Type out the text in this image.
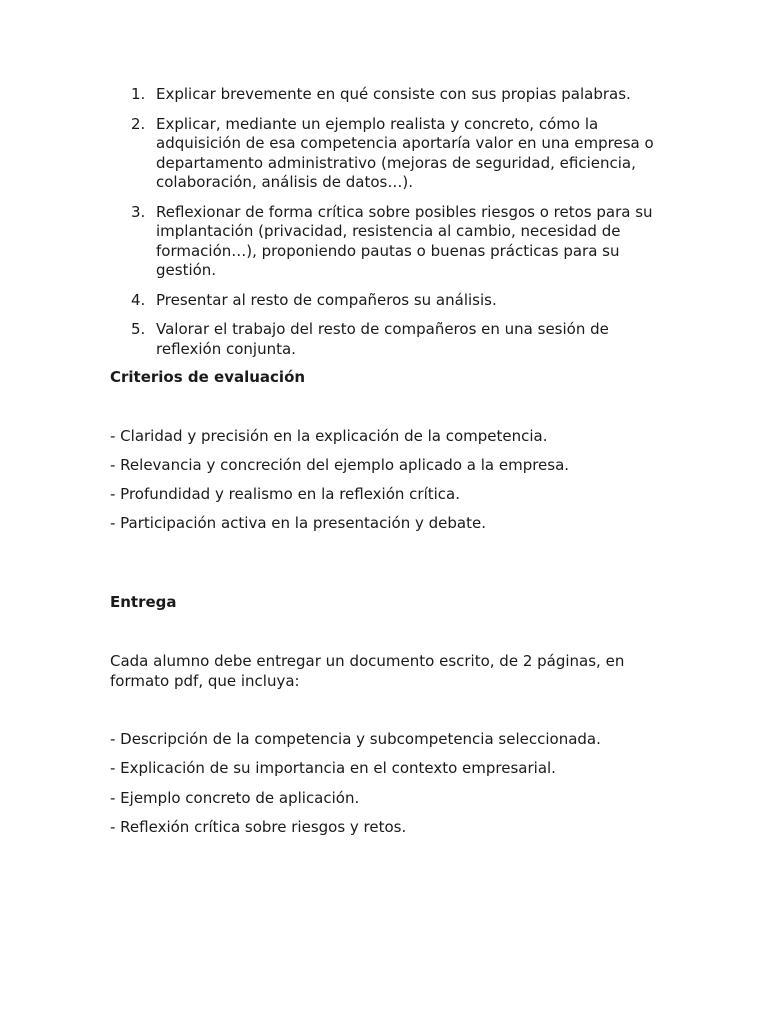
1. Explicar brevemente en qué consiste con sus propias palabras.
2. Explicar, mediante un ejemplo realista y concreto, cómo la adquisición de esa competencia aportaría valor en una empresa o departamento administrativo (mejoras de seguridad, eficiencia, colaboración, análisis de datos…).
3. Reflexionar de forma crítica sobre posibles riesgos o retos para su implantación (privacidad, resistencia al cambio, necesidad de formación…), proponiendo pautas o buenas prácticas para su gestión.
4. Presentar al resto de compañeros su análisis.
5. Valorar el trabajo del resto de compañeros en una sesión de reflexión conjunta.
Criterios de evaluación

- Claridad y precisión en la explicación de la competencia.

- Relevancia y concreción del ejemplo aplicado a la empresa.

- Profundidad y realismo en la reflexión crítica.

- Participación activa en la presentación y debate.

Entrega

Cada alumno debe entregar un documento escrito, de 2 páginas, en formato pdf, que incluya:

- Descripción de la competencia y subcompetencia seleccionada.

- Explicación de su importancia en el contexto empresarial.

- Ejemplo concreto de aplicación.

- Reflexión crítica sobre riesgos y retos.
